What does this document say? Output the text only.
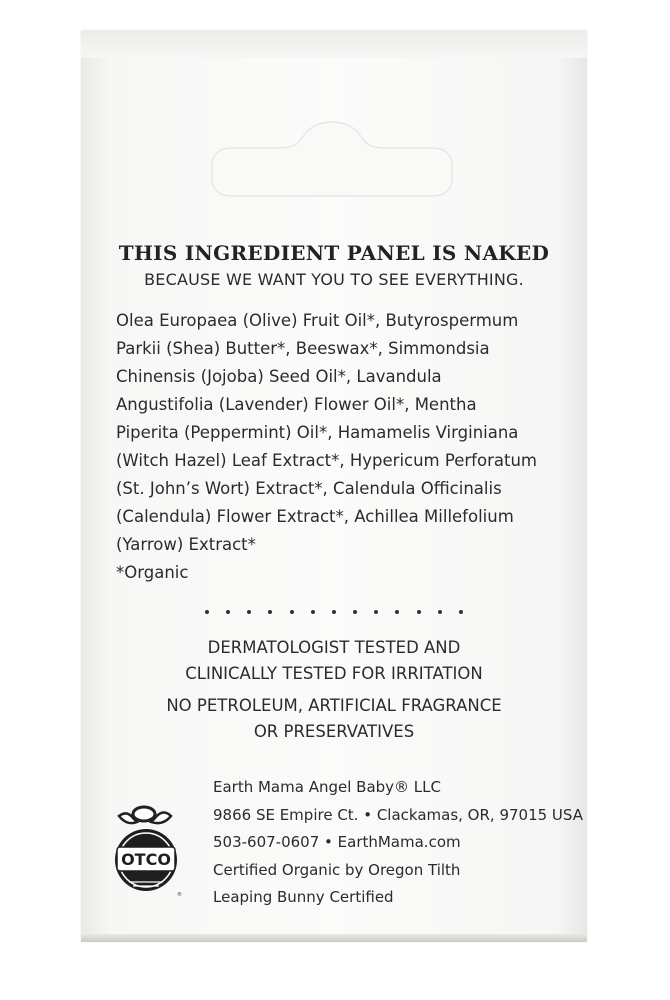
THIS INGREDIENT PANEL IS NAKED
BECAUSE WE WANT YOU TO SEE EVERYTHING.

Olea Europaea (Olive) Fruit Oil*, Butyrospermum
Parkii (Shea) Butter*, Beeswax*, Simmondsia
Chinensis (Jojoba) Seed Oil*, Lavandula
Angustifolia (Lavender) Flower Oil*, Mentha
Piperita (Peppermint) Oil*, Hamamelis Virginiana
(Witch Hazel) Leaf Extract*, Hypericum Perforatum
(St. John’s Wort) Extract*, Calendula Officinalis
(Calendula) Flower Extract*, Achillea Millefolium
(Yarrow) Extract*
*Organic

DERMATOLOGIST TESTED AND
CLINICALLY TESTED FOR IRRITATION
NO PETROLEUM, ARTIFICIAL FRAGRANCE
OR PRESERVATIVES
OTCO
®
Earth Mama Angel Baby® LLC
9866 SE Empire Ct. • Clackamas, OR, 97015 USA
503-607-0607 • EarthMama.com
Certified Organic by Oregon Tilth
Leaping Bunny Certified
